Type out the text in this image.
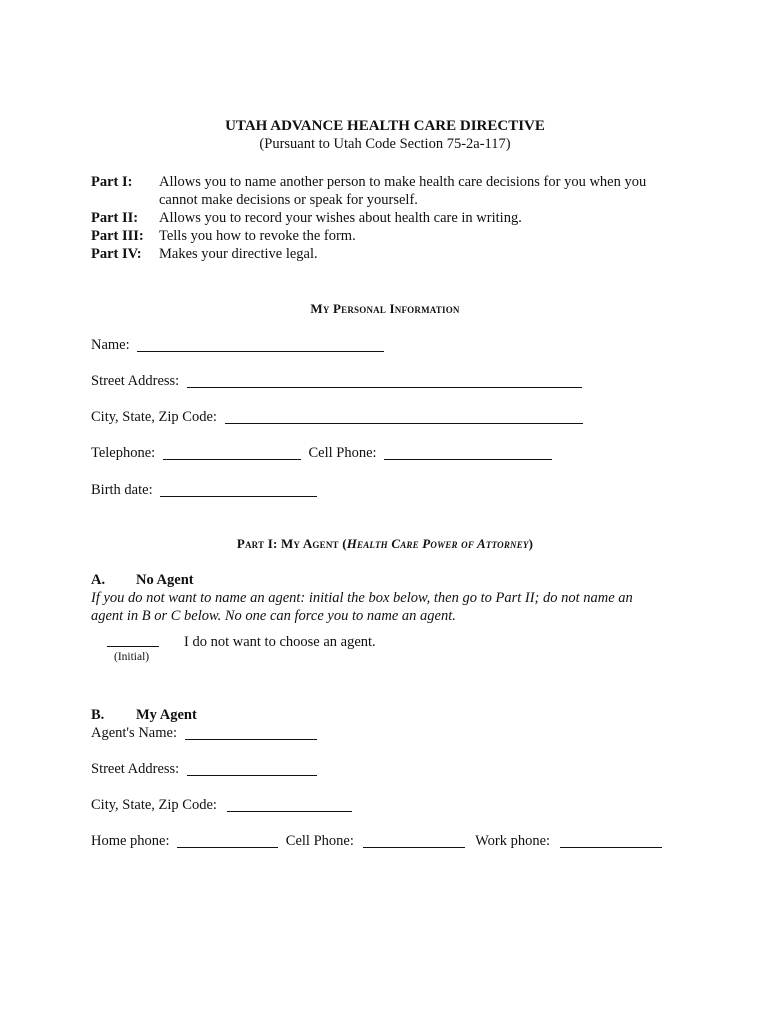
UTAH ADVANCE HEALTH CARE DIRECTIVE
(Pursuant to Utah Code Section 75-2a-117)
Part I: Allows you to name another person to make health care decisions for you when you
cannot make decisions or speak for yourself.
Part II: Allows you to record your wishes about health care in writing.
Part III: Tells you how to revoke the form.
Part IV: Makes your directive legal.
My Personal Information
Name:
Street Address:
City, State, Zip Code:
Telephone:	Cell Phone:
Birth date:
Part I: My Agent (Health Care Power of Attorney)
A. No Agent
If you do not want to name an agent: initial the box below, then go to Part II; do not name an
agent in B or C below. No one can force you to name an agent.
I do not want to choose an agent.
(Initial)
B. My Agent
Agent's Name:
Street Address:
City, State, Zip Code:
Home phone:	Cell Phone:	Work phone:
